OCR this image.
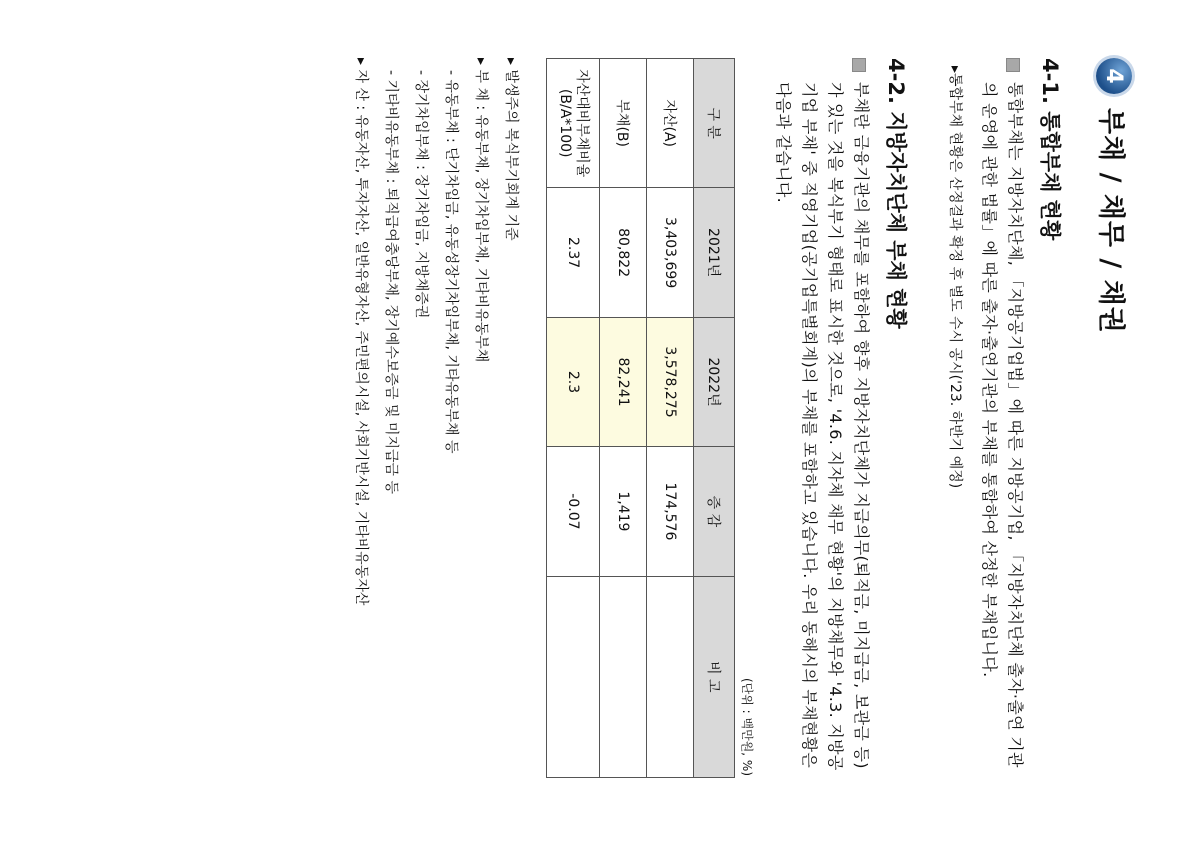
4
부채 / 채무 / 채권
4-1. 통합부채 현황
통합부채는 지방자치단체, 「지방공기업법」에 따른 지방공기업, 「지방자치단체 출자·출연 기관의 운영에 관한 법률」에 따른 출자·출연기관의 부채를 통합하여 산정한 부채입니다.
▸통합부채 현황은 산정결과 확정 후 별도 수시 공시('23. 하반기 예정)
4-2. 지방자치단체 부채 현황
부채란 금융기관의 채무를 포함하여 향후 지방자치단체가 지급의무(퇴직금, 미지급금, 보관금 등)가 있는 것을 복식부기 형태로 표시한 것으로, '4.6. 지자체 채무 현황'의 지방채무와 '4.3. 지방공기업 부채' 중 직영기업(공기업특별회계)의 부채를 포함하고 있습니다. 우리 동해시의 부채현황은 다음과 같습니다.
(단위 : 백만원, %)
구 분	2021년	2022년	증 감	비 고
자산(A)	3,403,699	3,578,275	174,576	
부채(B)	80,822	82,241	1,419	
자산대비부채비율
(B/A*100)	2.37	2.3	-0.07	
▸ 발생주의 복식부기회계 기준
▸ 부 채 : 유동부채, 장기차입부채, 기타비유동부채
- 유동부채 : 단기차입금, 유동성장기차입부채, 기타유동부채 등
- 장기차입부채 : 장기차입금, 지방채증권
- 기타비유동부채 : 퇴직급여충당부채, 장기예수보증금 및 미지급금 등
▸ 자 산 : 유동자산, 투자자산, 일반유형자산, 주민편의시설, 사회기반시설, 기타비유동자산
